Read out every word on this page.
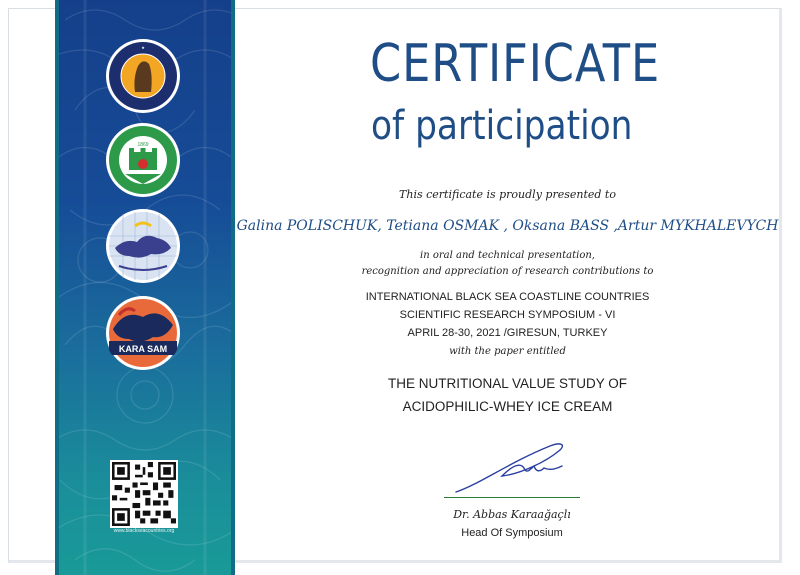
★
1869
KARA SAM
www.blackseacountries.org
CERTIFICATE
of participation
This certificate is proudly presented to
Galina POLISCHUK, Tetiana OSMAK , Oksana BASS ,Artur MYKHALEVYCH
in oral and technical presentation,
recognition and appreciation of research contributions to
INTERNATIONAL BLACK SEA COASTLINE COUNTRIES
SCIENTIFIC RESEARCH SYMPOSIUM - VI
APRIL 28-30, 2021 /GIRESUN, TURKEY
with the paper entitled
THE NUTRITIONAL VALUE STUDY OF
ACIDOPHILIC-WHEY ICE CREAM
Dr. Abbas Karaağaçlı
Head Of Symposium
